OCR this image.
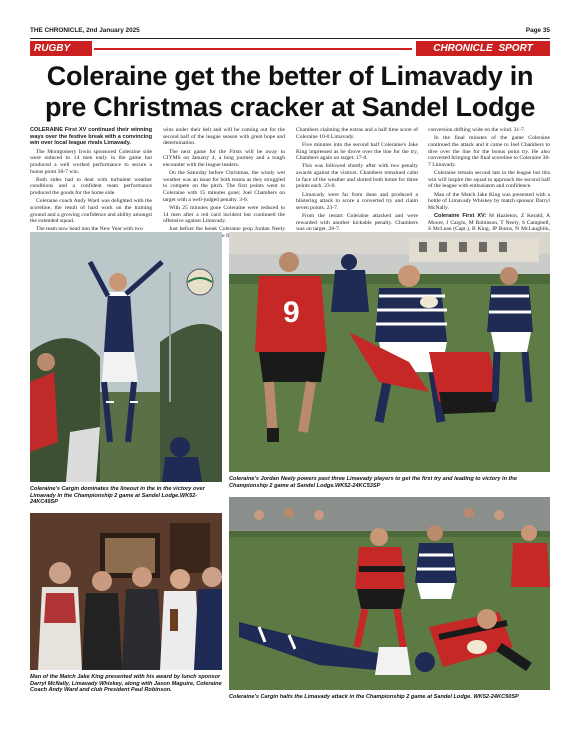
THE CHRONICLE, 2nd January 2025	Page 35
RUGBY	CHRONICLE SPORT
Coleraine get the better of Limavady in
pre Christmas cracker at Sandel Lodge

COLERAINE First XV continued their winning ways over the festive break with a convincing win over local league rivals Limavady.

The Montgomery Irwin sponsored Coleraine side were reduced to 14 men early in the game but produced a well worked performance to secure a bonus point 38-7 win.

Both sides had to deal with turbulent weather conditions and a confident team performance produced the goods for the home side.

Coleraine coach Andy Ward was delighted with the scoreline, the result of hard work on the training ground and a growing confidence and ability amongst the extended squad.

The team now head into the New Year with two

wins under their belt and will be coming out for the second half of the league season with great hope and determination.

The next game for the Firsts will be away to CIYMS on January 4, a long journey and a tough encounter with the league leaders.

On the Saturday before Christmas, the windy wet weather was an issue for both teams as they struggled to compete on the pitch. The first points went to Coleraine with 15 minutes gone; Joel Chambers on target with a well-judged penalty. 3-0.

With 25 minutes gone Coleraine were reduced to 14 men after a red card incident but continued the offensive against Limavady.

Just before the break Coleraine prop Jordan Neely

Chambers claiming the extras and a half time score of Coleraine 10-0 Limavady.

Five minutes into the second half Coleraine's Jake King impressed as he drove over the line for the try, Chambers again on target. 17-0.

This was followed shortly after with two penalty awards against the visitors. Chambers remained calm in face of the weather and slotted both home for three points each. 23-0.

Limavady were far from done and produced a blistering attack to score a converted try and claim seven points. 23-7.

From the restart Coleraine attacked and were rewarded with another kickable penalty. Chambers was on target. 26-7.

conversion drifting wide on the wind. 31-7.

In the final minutes of the game Coleraine continued the attack and it came to Joel Chambers to dive over the line for the bonus point try. He also converted bringing the final scoreline to Coleraine 38-7 Limavady.

Coleraine remain second last in the league but this win will inspire the squad to approach the second half of the league with enthusiasm and confidence.

Man of the Match Jake King was presented with a bottle of Limavady Whiskey by match sponsor Darryl McNally.

Coleraine First XV: M Hazleton, Z Kerald, A Moore, J Cargin, M Robinson, T Neely, S Campbell, S McLean (Capt.), B King, JP Burns, N McLaughlin,

Coleraine's Cargin dominates the lineout in the in the victory over Limavady in the Championship 2 game at Sandel Lodge.WK52-24KC49SP
9
Coleraine's Jordan Neely powers past three Limavady players to get the first try and leading to victory in the Championship 2 game at Sandel Lodge.WK52-24KC53SP
Man of the Match Jake King presented with his award by lunch sponsor Darryl McNally, Limavady Whiskey, along with Jason Maguire, Coleraine Coach Andy Ward and club President Paul Robinson.
Coleraine's Cargin halts the Limavady attack in the Championship 2 game at Sandel Lodge. WK52-24KC50SP
